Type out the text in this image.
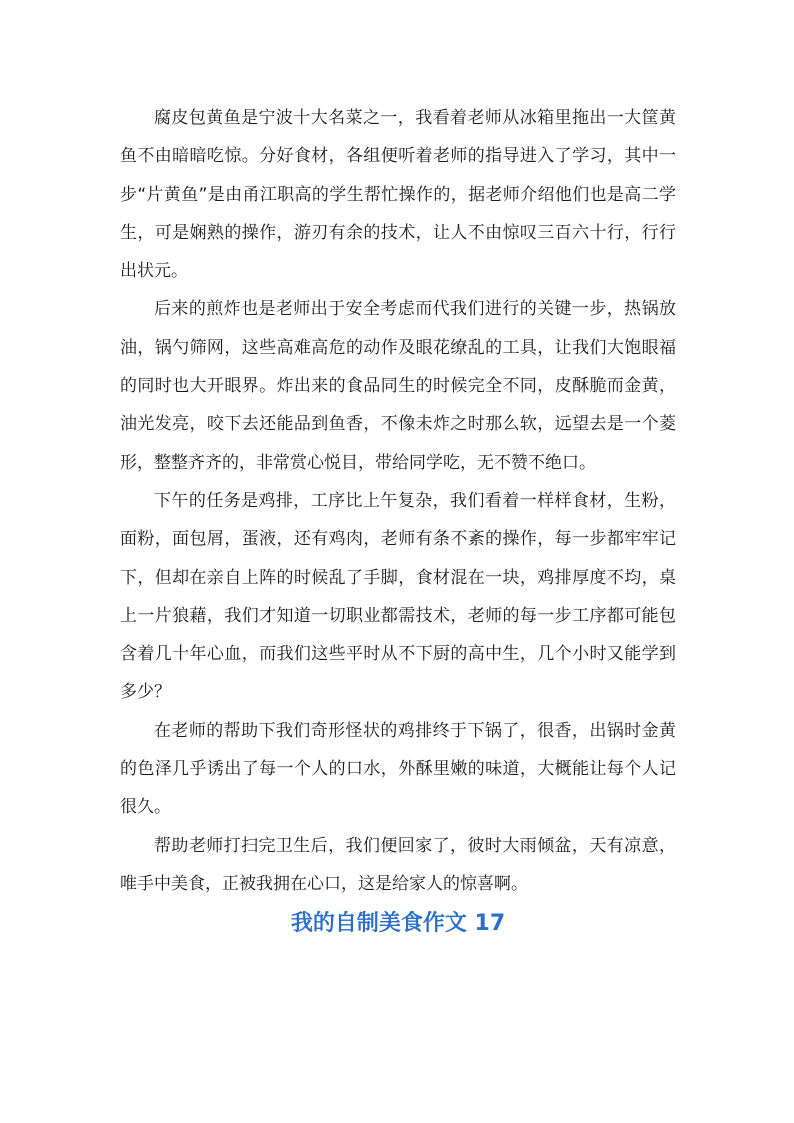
腐皮包黄鱼是宁波十大名菜之一，我看着老师从冰箱里拖出一大筐黄鱼不由暗暗吃惊。分好食材，各组便听着老师的指导进入了学习，其中一步“片黄鱼”是由甬江职高的学生帮忙操作的，据老师介绍他们也是高二学生，可是娴熟的操作，游刃有余的技术，让人不由惊叹三百六十行，行行出状元。

后来的煎炸也是老师出于安全考虑而代我们进行的关键一步，热锅放油，锅勺筛网，这些高难高危的动作及眼花缭乱的工具，让我们大饱眼福的同时也大开眼界。炸出来的食品同生的时候完全不同，皮酥脆而金黄，油光发亮，咬下去还能品到鱼香，不像未炸之时那么软，远望去是一个菱形，整整齐齐的，非常赏心悦目，带给同学吃，无不赞不绝口。

下午的任务是鸡排，工序比上午复杂，我们看着一样样食材，生粉，面粉，面包屑，蛋液，还有鸡肉，老师有条不紊的操作，每一步都牢牢记下，但却在亲自上阵的时候乱了手脚，食材混在一块，鸡排厚度不均，桌上一片狼藉，我们才知道一切职业都需技术，老师的每一步工序都可能包含着几十年心血，而我们这些平时从不下厨的高中生，几个小时又能学到多少？

在老师的帮助下我们奇形怪状的鸡排终于下锅了，很香，出锅时金黄的色泽几乎诱出了每一个人的口水，外酥里嫩的味道，大概能让每个人记很久。

帮助老师打扫完卫生后，我们便回家了，彼时大雨倾盆，天有凉意，唯手中美食，正被我拥在心口，这是给家人的惊喜啊。

我的自制美食作文 17
